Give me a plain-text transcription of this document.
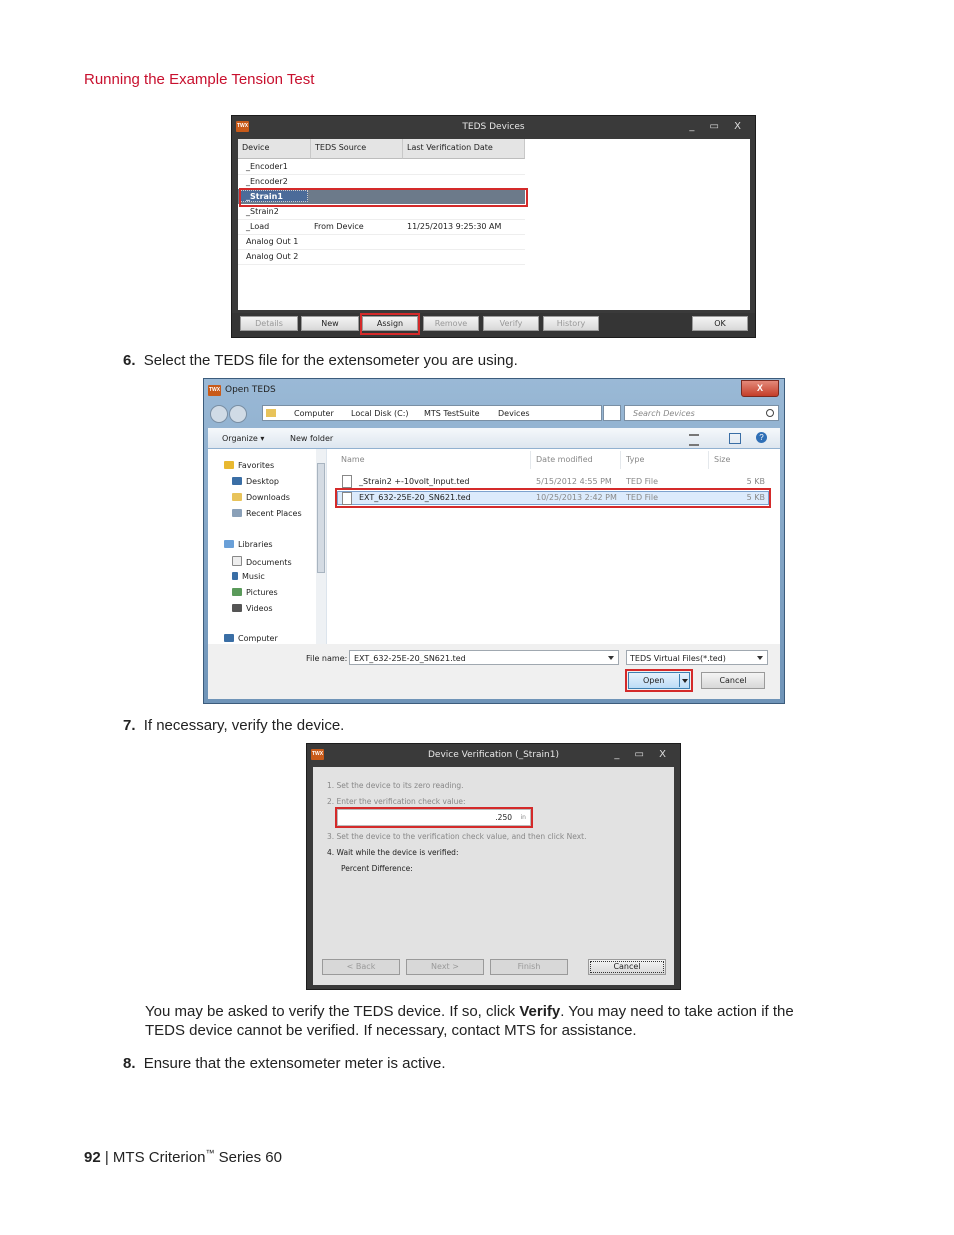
Running the Example Tension Test
TWX	TEDS Devices	_ ▭ X
Device	TEDS Source	Last Verification Date
_Encoder1
_Encoder2
_Strain1
_Strain2
_Load	From Device	11/25/2013 9:25:30 AM
Analog Out 1
Analog Out 2
Details	New	Assign	Remove	Verify	History	OK
6. Select the TEDS file for the extensometer you are using.
TWX Open TEDS	X
Computer Local Disk (C:) MTS TestSuite Devices	Search Devices
Organize ▾	New folder	?
Favorites
Desktop
Downloads
Recent Places
Libraries
Documents
Music
Pictures
Videos
Computer
Name	Date modified	Type	Size
_Strain2 +-10volt_Input.ted	5/15/2012 4:55 PM TED File	5 KB
EXT_632-25E-20_SN621.ted	10/25/2013 2:42 PM TED File	5 KB
File name: EXT_632-25E-20_SN621.ted	TEDS Virtual Files(*.ted)
Open	Cancel
7. If necessary, verify the device.
TWX	Device Verification (_Strain1)	_ ▭ X
1. Set the device to its zero reading.
2. Enter the verification check value:
.250 in
3. Set the device to the verification check value, and then click Next.
4. Wait while the device is verified:
Percent Difference:
< Back	Next >	Finish	Cancel
You may be asked to verify the TEDS device. If so, click Verify. You may need to take action if the TEDS device cannot be verified. If necessary, contact MTS for assistance.
8. Ensure that the extensometer meter is active.
92 | MTS Criterion™ Series 60
